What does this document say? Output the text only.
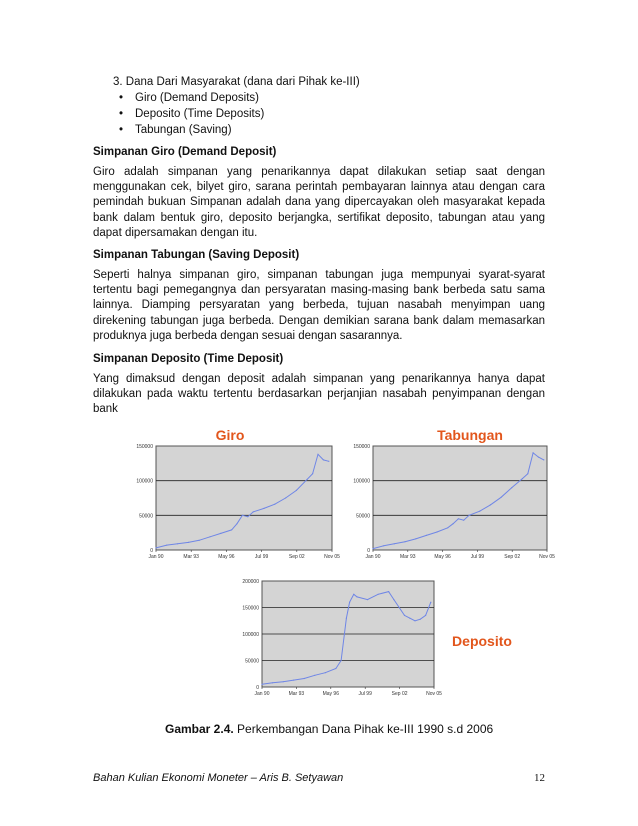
3. Dana Dari Masyarakat (dana dari Pihak ke-III)
• Giro (Demand Deposits)
• Deposito (Time Deposits)
• Tabungan (Saving)
Simpanan Giro (Demand Deposit)

Giro adalah simpanan yang penarikannya dapat dilakukan setiap saat dengan menggunakan cek, bilyet giro, sarana perintah pembayaran lainnya atau dengan cara pemindah bukuan Simpanan adalah dana yang dipercayakan oleh masyarakat kepada bank dalam bentuk giro, deposito berjangka, sertifikat deposito, tabungan atau yang dapat dipersamakan dengan itu.

Simpanan Tabungan (Saving Deposit)

Seperti halnya simpanan giro, simpanan tabungan juga mempunyai syarat-syarat tertentu bagi pemegangnya dan persyaratan masing-masing bank berbeda satu sama lainnya. Diamping persyaratan yang berbeda, tujuan nasabah menyimpan uang direkening tabungan juga berbeda. Dengan demikian sarana bank dalam memasarkan produknya juga berbeda dengan sesuai dengan sasarannya.

Simpanan Deposito (Time Deposit)

Yang dimaksud dengan deposit adalah simpanan yang penarikannya hanya dapat dilakukan pada waktu tertentu berdasarkan perjanjian nasabah penyimpanan dengan bank

150000
100000
50000
0
Jan 90	Mar 93	May 96	Jul 99	Sep 02	Nov 05
Giro
150000
100000
50000
0
Jan 90	Mar 93	May 96	Jul 99	Sep 02	Nov 05
Tabungan
200000
150000
100000
50000
0
Jan 90	Mar 93	May 96	Jul 99	Sep 02	Nov 05
Deposito
Gambar 2.4. Perkembangan Dana Pihak ke-III 1990 s.d 2006
Bahan Kulian Ekonomi Moneter – Aris B. Setyawan	12
